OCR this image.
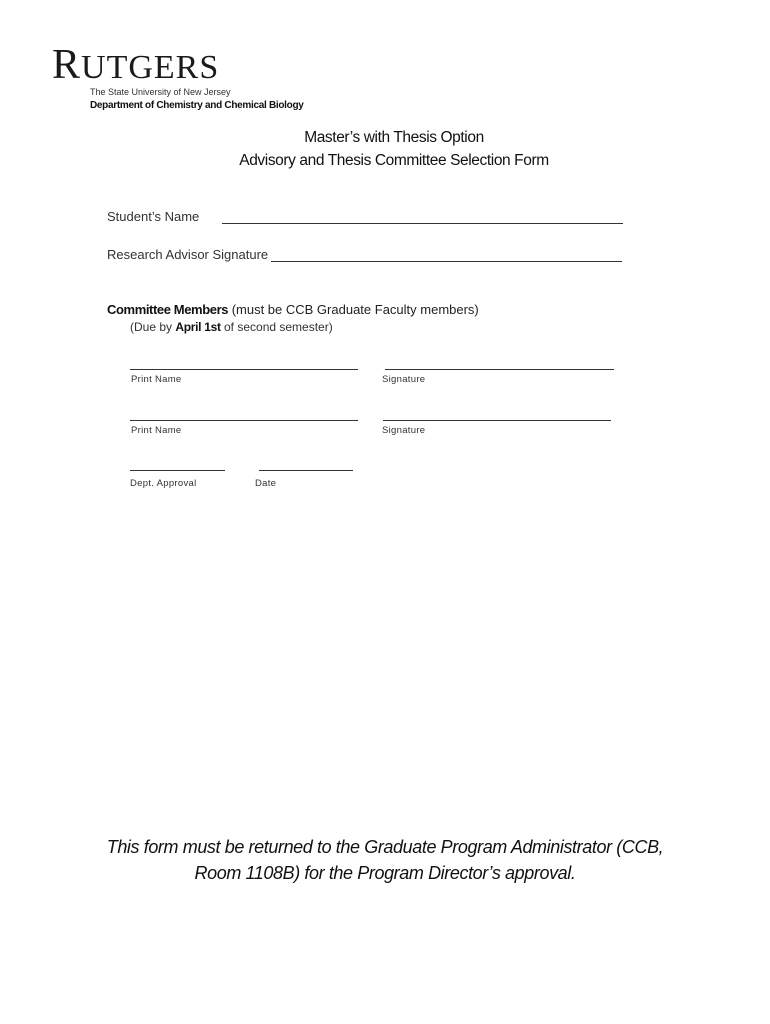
RUTGERS
The State University of New Jersey
Department of Chemistry and Chemical Biology
Master’s with Thesis Option
Advisory and Thesis Committee Selection Form
Student’s Name
Research Advisor Signature
Committee Members (must be CCB Graduate Faculty members)
(Due by April 1st of second semester)
Print Name	Signature
Print Name	Signature
Dept. Approval	Date
This form must be returned to the Graduate Program Administrator (CCB,
Room 1108B) for the Program Director’s approval.
